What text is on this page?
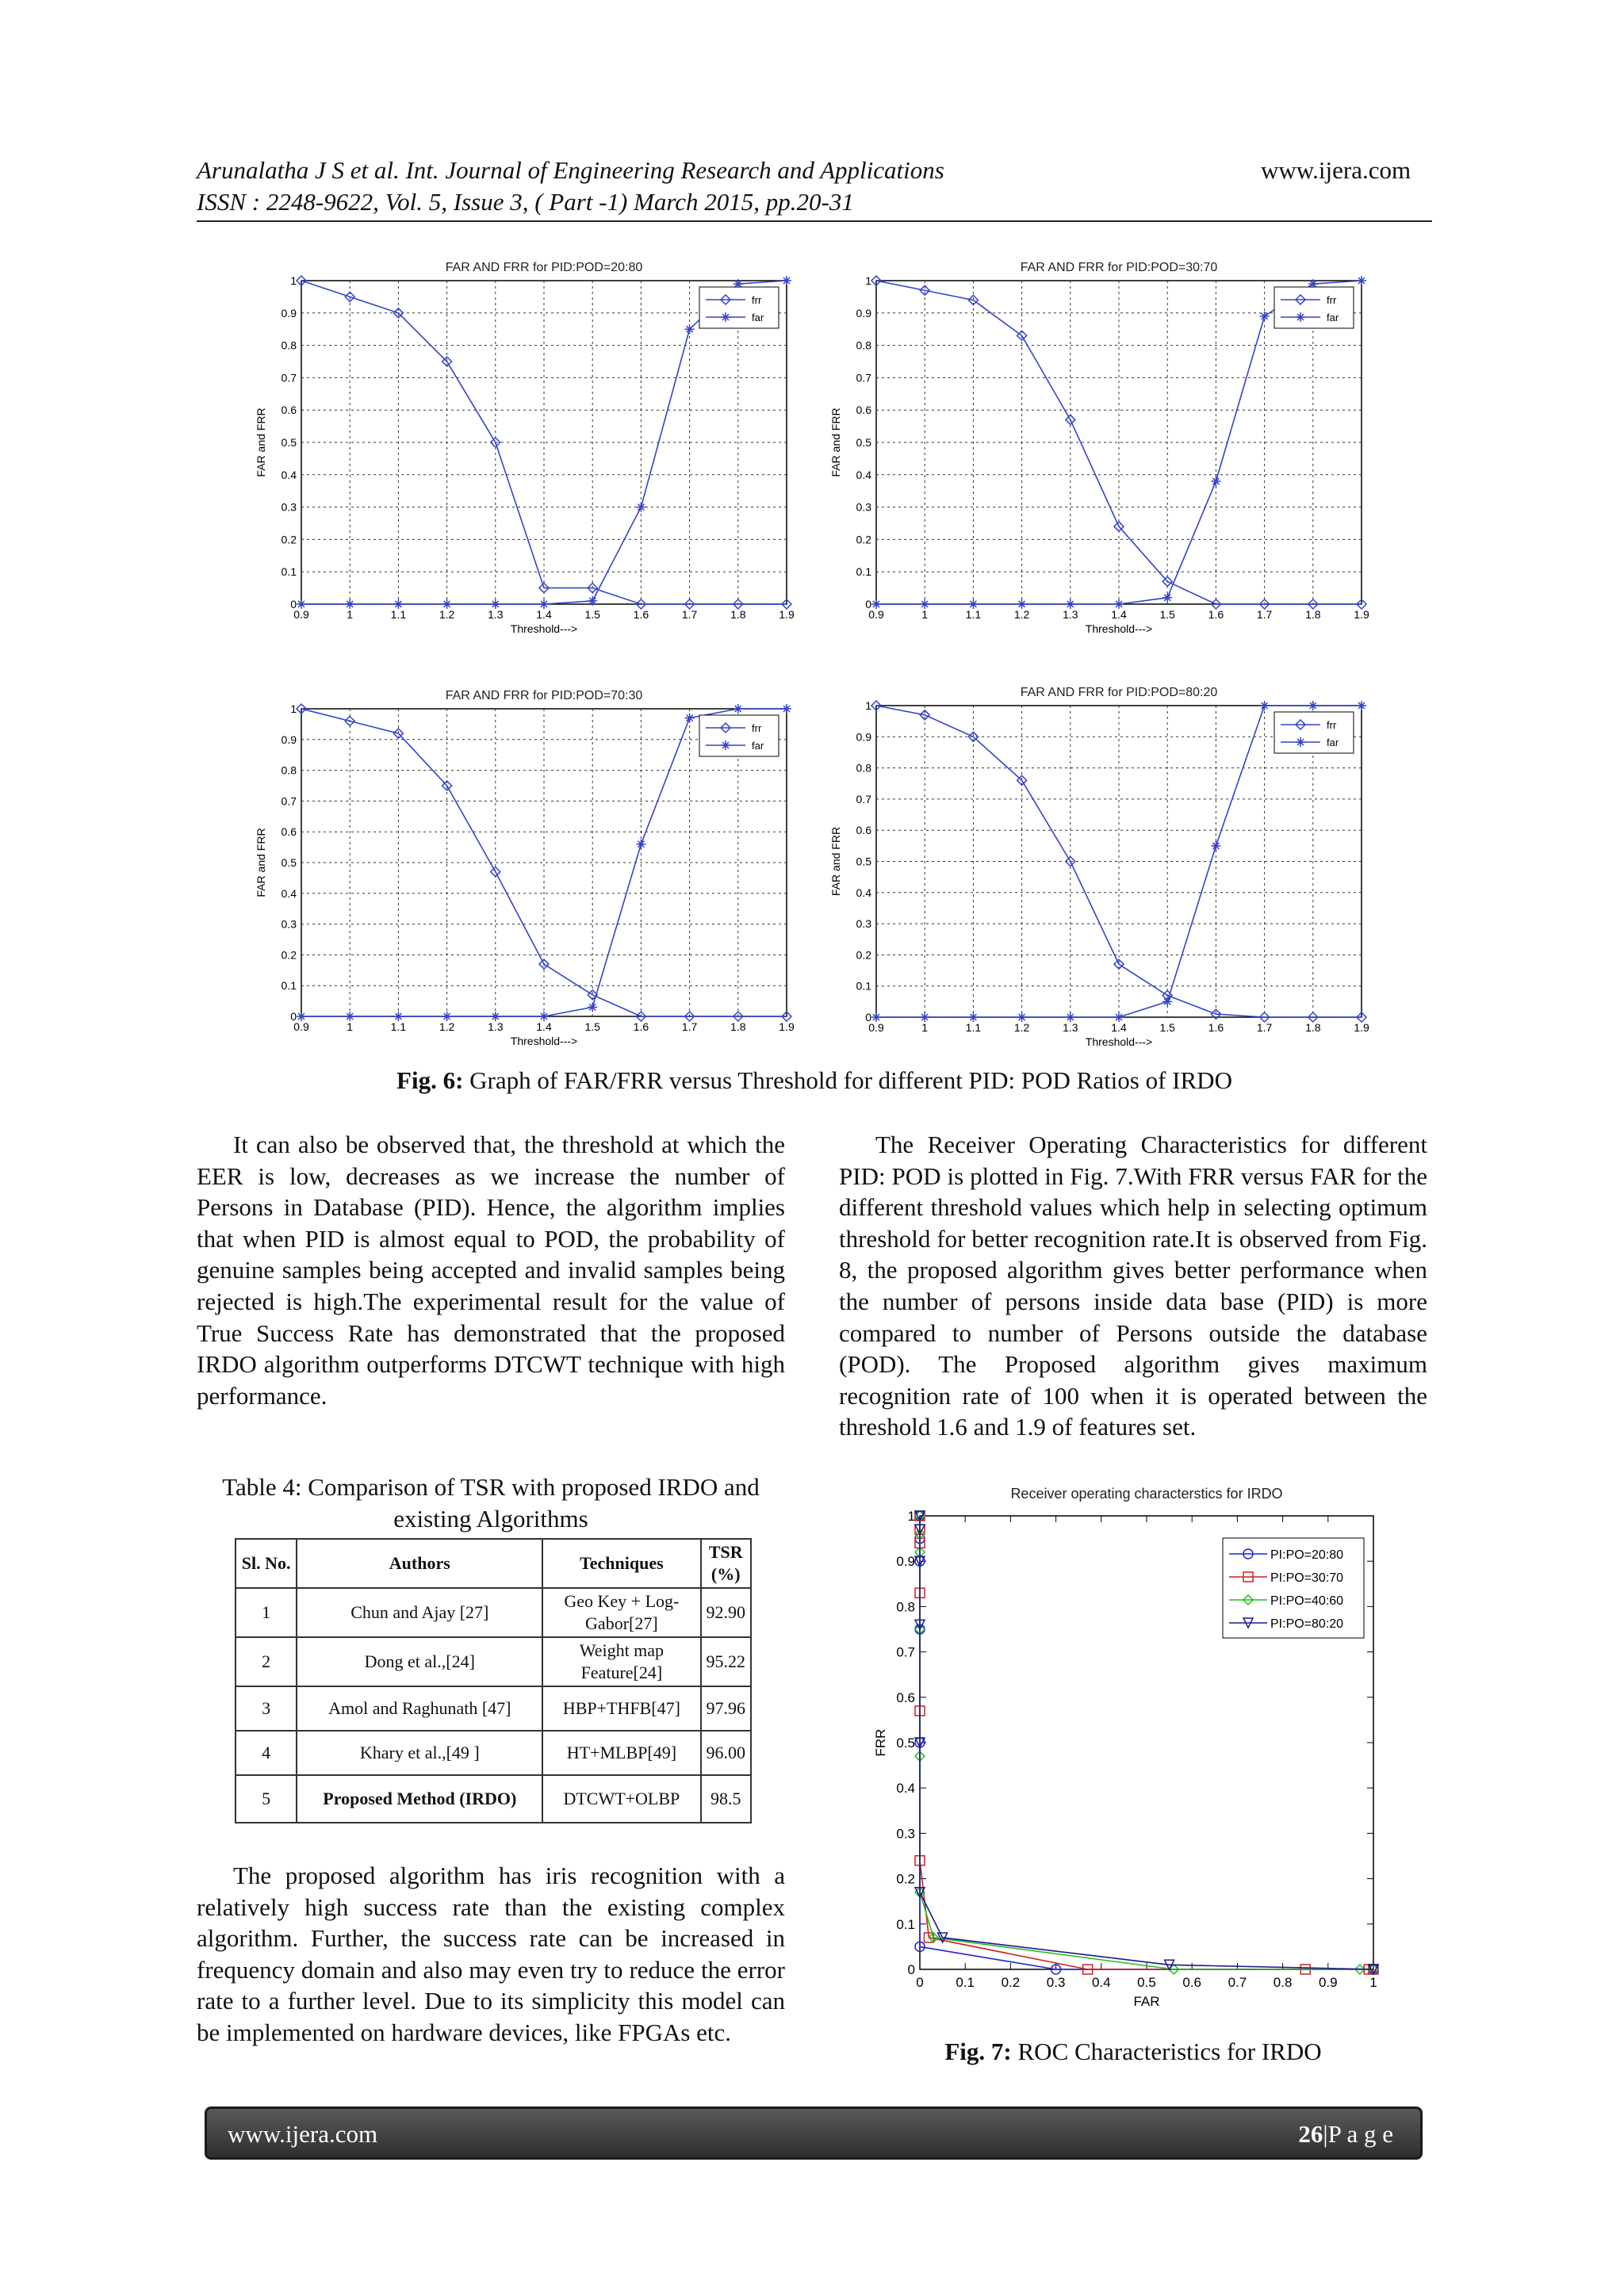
Arunalatha J S et al. Int. Journal of Engineering Research and Applications	www.ijera.com
ISSN : 2248-9622, Vol. 5, Issue 3, ( Part -1) March 2015, pp.20-31
FAR AND FRR for PID:POD=20:80
0
0.1
0.2
0.3
0.4
0.5
0.6
0.7
0.8
0.9
1
0.9	1	1.1	1.2	1.3	1.4	1.5	1.6	1.7	1.8	1.9
Threshold--->
FAR and FRR
frr
far
FAR AND FRR for PID:POD=30:70
0
0.1
0.2
0.3
0.4
0.5
0.6
0.7
0.8
0.9
1
0.9	1	1.1	1.2	1.3	1.4	1.5	1.6	1.7	1.8	1.9
Threshold--->
FAR and FRR
frr
far
FAR AND FRR for PID:POD=70:30
0
0.1
0.2
0.3
0.4
0.5
0.6
0.7
0.8
0.9
1
0.9	1	1.1	1.2	1.3	1.4	1.5	1.6	1.7	1.8	1.9
Threshold--->
FAR and FRR
frr
far
FAR AND FRR for PID:POD=80:20
0
0.1
0.2
0.3
0.4
0.5
0.6
0.7
0.8
0.9
1
0.9	1	1.1	1.2	1.3	1.4	1.5	1.6	1.7	1.8	1.9
Threshold--->
FAR and FRR
frr
far
Fig. 6: Graph of FAR/FRR versus Threshold for different PID: POD Ratios of IRDO
It can also be observed that, the threshold at which the EER is low, decreases as we increase the number of Persons in Database (PID). Hence, the algorithm implies that when PID is almost equal to POD, the probability of genuine samples being accepted and invalid samples being rejected is high.The experimental result for the value of True Success Rate has demonstrated that the proposed IRDO algorithm outperforms DTCWT technique with high performance.
Table 4: Comparison of TSR with proposed IRDO and existing Algorithms
Sl. No.	Authors	Techniques	TSR (%)
1	Chun and Ajay [27]	Geo Key + Log-Gabor[27]	92.90
2	Dong et al.,[24]	Weight map Feature[24]	95.22
3	Amol and Raghunath [47]	HBP+THFB[47]	97.96
4	Khary et al.,[49 ]	HT+MLBP[49]	96.00
5	Proposed Method (IRDO)	DTCWT+OLBP	98.5
The proposed algorithm has iris recognition with a relatively high success rate than the existing complex algorithm. Further, the success rate can be increased in frequency domain and also may even try to reduce the error rate to a further level. Due to its simplicity this model can be implemented on hardware devices, like FPGAs etc.
The Receiver Operating Characteristics for different PID: POD is plotted in Fig. 7.With FRR versus FAR for the different threshold values which help in selecting optimum threshold for better recognition rate.It is observed from Fig. 8, the proposed algorithm gives better performance when the number of persons inside data base (PID) is more compared to number of Persons outside the database (POD). The Proposed algorithm gives maximum recognition rate of 100 when it is operated between the threshold 1.6 and 1.9 of features set.
Receiver operating characterstics for IRDO
0
0
0.1
0.1
0.2
0.2
0.3
0.3
0.4
0.4
0.5
0.5
0.6
0.6
0.7
0.7
0.8
0.8
0.9
0.9
1
1
FAR
FRR
PI:PO=20:80
PI:PO=30:70
PI:PO=40:60
PI:PO=80:20
Fig. 7: ROC Characteristics for IRDO
www.ijera.com	26|P a g e
